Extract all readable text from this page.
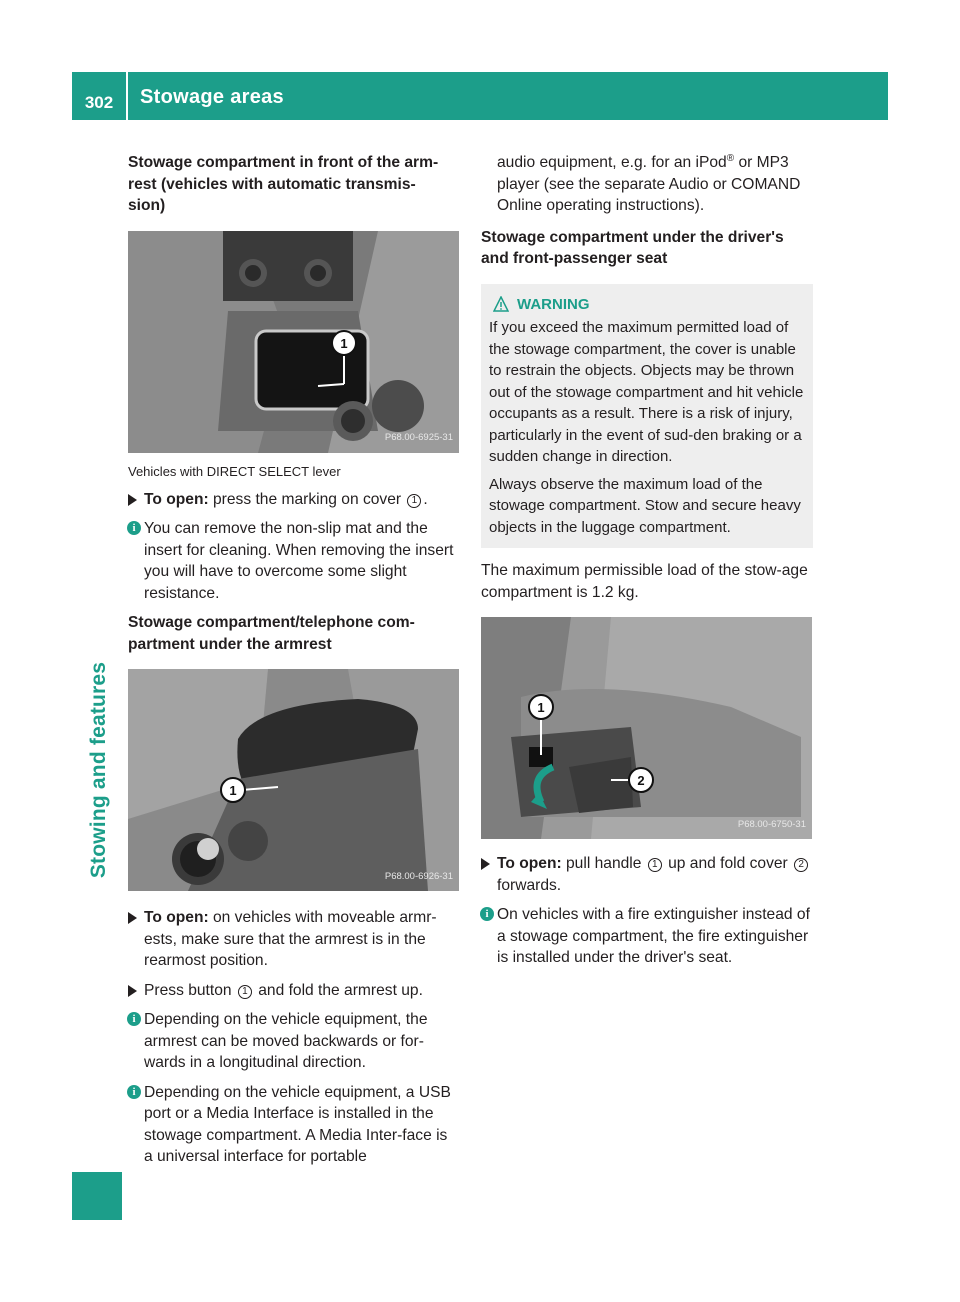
302	Stowage areas
Stowing and features
Stowage compartment in front of the arm-
rest (vehicles with automatic transmis-
sion)
1
P68.00-6925-31
Vehicles with DIRECT SELECT lever
To open: press the marking on cover 1 .
i You can remove the non-slip mat and the insert for cleaning. When removing the insert you will have to overcome some slight resistance.
Stowage compartment/telephone com-
partment under the armrest
1
P68.00-6926-31
To open: on vehicles with moveable armr-ests, make sure that the armrest is in the rearmost position.
Press button 1 and fold the armrest up.
i Depending on the vehicle equipment, the armrest can be moved backwards or for-wards in a longitudinal direction.
i Depending on the vehicle equipment, a USB port or a Media Interface is installed in the stowage compartment. A Media Inter-face is a universal interface for portable
audio equipment, e.g. for an iPod® or MP3 player (see the separate Audio or COMAND Online operating instructions).
Stowage compartment under the driver's
and front-passenger seat
WARNING

If you exceed the maximum permitted load of the stowage compartment, the cover is unable to restrain the objects. Objects may be thrown out of the stowage compartment and hit vehicle occupants as a result. There is a risk of injury, particularly in the event of sud-den braking or a sudden change in direction.

Always observe the maximum load of the stowage compartment. Stow and secure heavy objects in the luggage compartment.

The maximum permissible load of the stow-age compartment is 1.2 kg.
1
2
P68.00-6750-31
To open: pull handle 1 up and fold cover 2 forwards.
i On vehicles with a fire extinguisher instead of a stowage compartment, the fire extinguisher is installed under the driver's seat.
